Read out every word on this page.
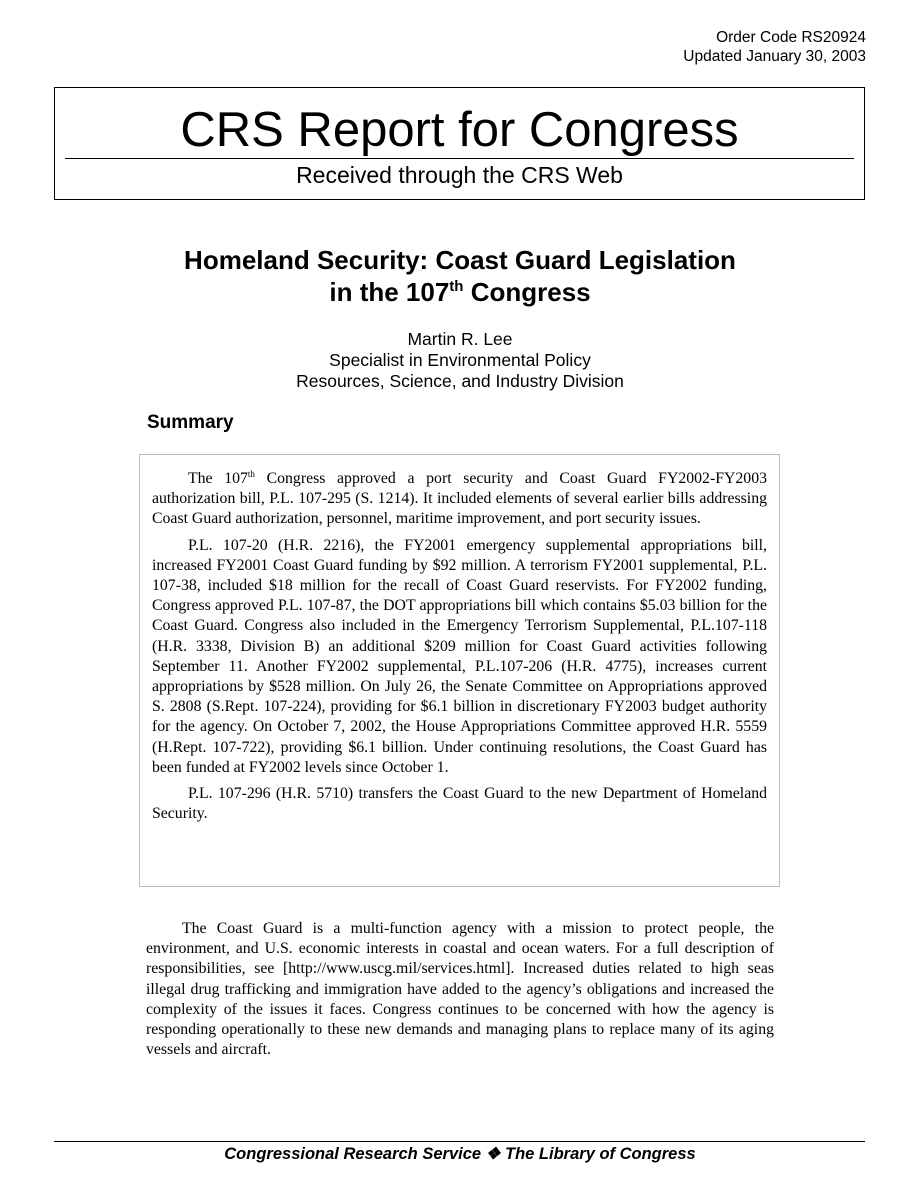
Order Code RS20924
Updated January 30, 2003
CRS Report for Congress
Received through the CRS Web
Homeland Security: Coast Guard Legislation
in the 107th Congress
Martin R. Lee
Specialist in Environmental Policy
Resources, Science, and Industry Division
Summary

The 107th Congress approved a port security and Coast Guard FY2002-FY2003 authorization bill, P.L. 107-295 (S. 1214). It included elements of several earlier bills addressing Coast Guard authorization, personnel, maritime improvement, and port security issues.

P.L. 107-20 (H.R. 2216), the FY2001 emergency supplemental appropriations bill, increased FY2001 Coast Guard funding by $92 million. A terrorism FY2001 supplemental, P.L. 107-38, included $18 million for the recall of Coast Guard reservists. For FY2002 funding, Congress approved P.L. 107-87, the DOT appropriations bill which contains $5.03 billion for the Coast Guard. Congress also included in the Emergency Terrorism Supplemental, P.L.107-118 (H.R. 3338, Division B) an additional $209 million for Coast Guard activities following September 11. Another FY2002 supplemental, P.L.107-206 (H.R. 4775), increases current appropriations by $528 million. On July 26, the Senate Committee on Appropriations approved S. 2808 (S.Rept. 107-224), providing for $6.1 billion in discretionary FY2003 budget authority for the agency. On October 7, 2002, the House Appropriations Committee approved H.R. 5559 (H.Rept. 107-722), providing $6.1 billion. Under continuing resolutions, the Coast Guard has been funded at FY2002 levels since October 1.

P.L. 107-296 (H.R. 5710) transfers the Coast Guard to the new Department of Homeland Security.

The Coast Guard is a multi-function agency with a mission to protect people, the environment, and U.S. economic interests in coastal and ocean waters. For a full description of responsibilities, see [http://www.uscg.mil/services.html]. Increased duties related to high seas illegal drug trafficking and immigration have added to the agency’s obligations and increased the complexity of the issues it faces. Congress continues to be concerned with how the agency is responding operationally to these new demands and managing plans to replace many of its aging vessels and aircraft.

Congressional Research Service ❖ The Library of Congress
